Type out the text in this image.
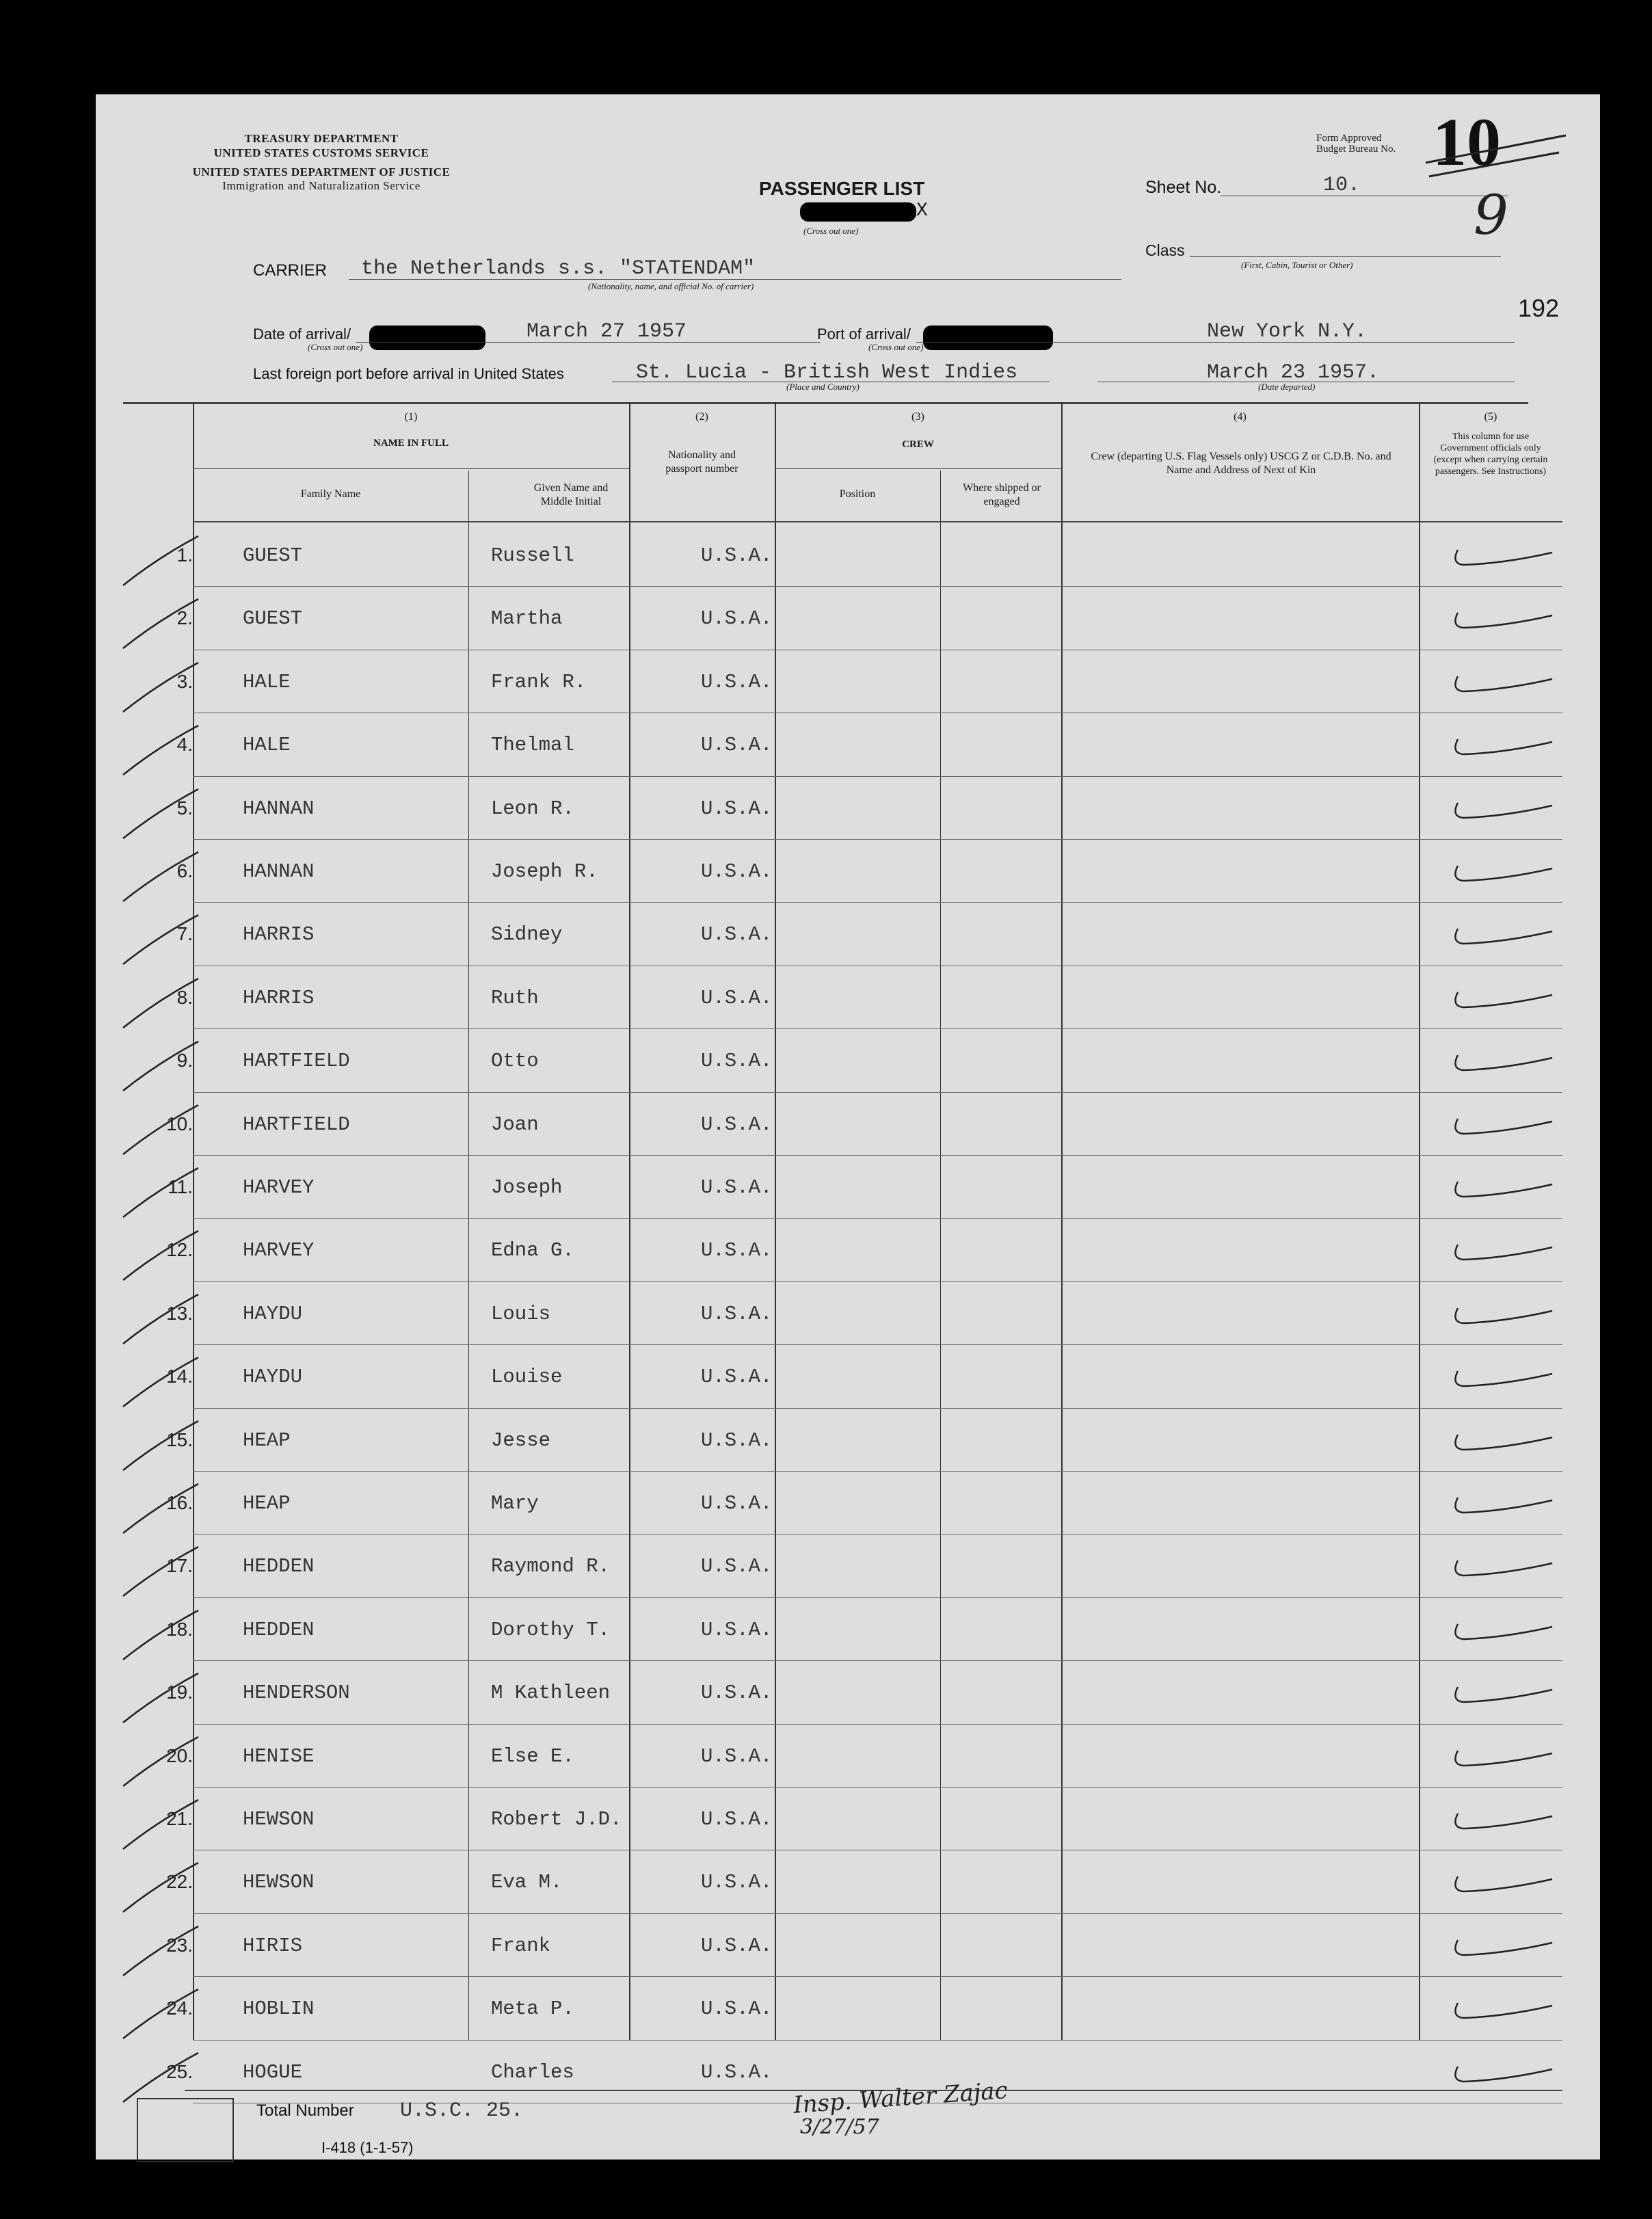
TREASURY DEPARTMENT
UNITED STATES CUSTOMS SERVICE
UNITED STATES DEPARTMENT OF JUSTICE
Immigration and Naturalization Service
Form Approved
Budget Bureau No. 10
PASSENGER LIST
X
(Cross out one)
Sheet No.	10. 9
Class
(First, Cabin, Tourist or Other)
192
CARRIER the Netherlands s.s. "STATENDAM"
(Nationality, name, and official No. of carrier)
Date of arrival/
(Cross out one)
March 27 1957	Port of arrival/
(Cross out one)
New York N.Y.
Last foreign port before arrival in United States	St. Lucia - British West Indies
(Place and Country)
March 23 1957.
(Date departed)
(1)
NAME IN FULL
Family Name
Given Name and Middle Initial
(2)
Nationality and passport number
(3)
CREW
Position
Where shipped or engaged
(4)
Crew (departing U.S. Flag Vessels only) USCG Z or C.D.B. No. and Name and Address of Next of Kin
(5)
This column for use Government officials only (except when carrying certain passengers. See Instructions)
1.	GUEST	Russell	U.S.A.
2.	GUEST	Martha	U.S.A.
3.	HALE	Frank R.	U.S.A.
4.	HALE	Thelmal	U.S.A.
5.	HANNAN	Leon R.	U.S.A.
6.	HANNAN	Joseph R.	U.S.A.
7.	HARRIS	Sidney	U.S.A.
8.	HARRIS	Ruth	U.S.A.
9.	HARTFIELD	Otto	U.S.A.
10.	HARTFIELD	Joan	U.S.A.
11.	HARVEY	Joseph	U.S.A.
12.	HARVEY	Edna G.	U.S.A.
13.	HAYDU	Louis	U.S.A.
14.	HAYDU	Louise	U.S.A.
15.	HEAP	Jesse	U.S.A.
16.	HEAP	Mary	U.S.A.
17.	HEDDEN	Raymond R.	U.S.A.
18.	HEDDEN	Dorothy T.	U.S.A.
19.	HENDERSON	M Kathleen	U.S.A.
20.	HENISE	Else E.	U.S.A.
21.	HEWSON	Robert J.D.	U.S.A.
22.	HEWSON	Eva M.	U.S.A.
23.	HIRIS	Frank	U.S.A.
24.	HOBLIN	Meta P.	U.S.A.
25.	HOGUE	Charles	U.S.A.
Total Number U.S.C. 25.
I-418 (1-1-57)
Insp. Walter Zajac
3/27/57
